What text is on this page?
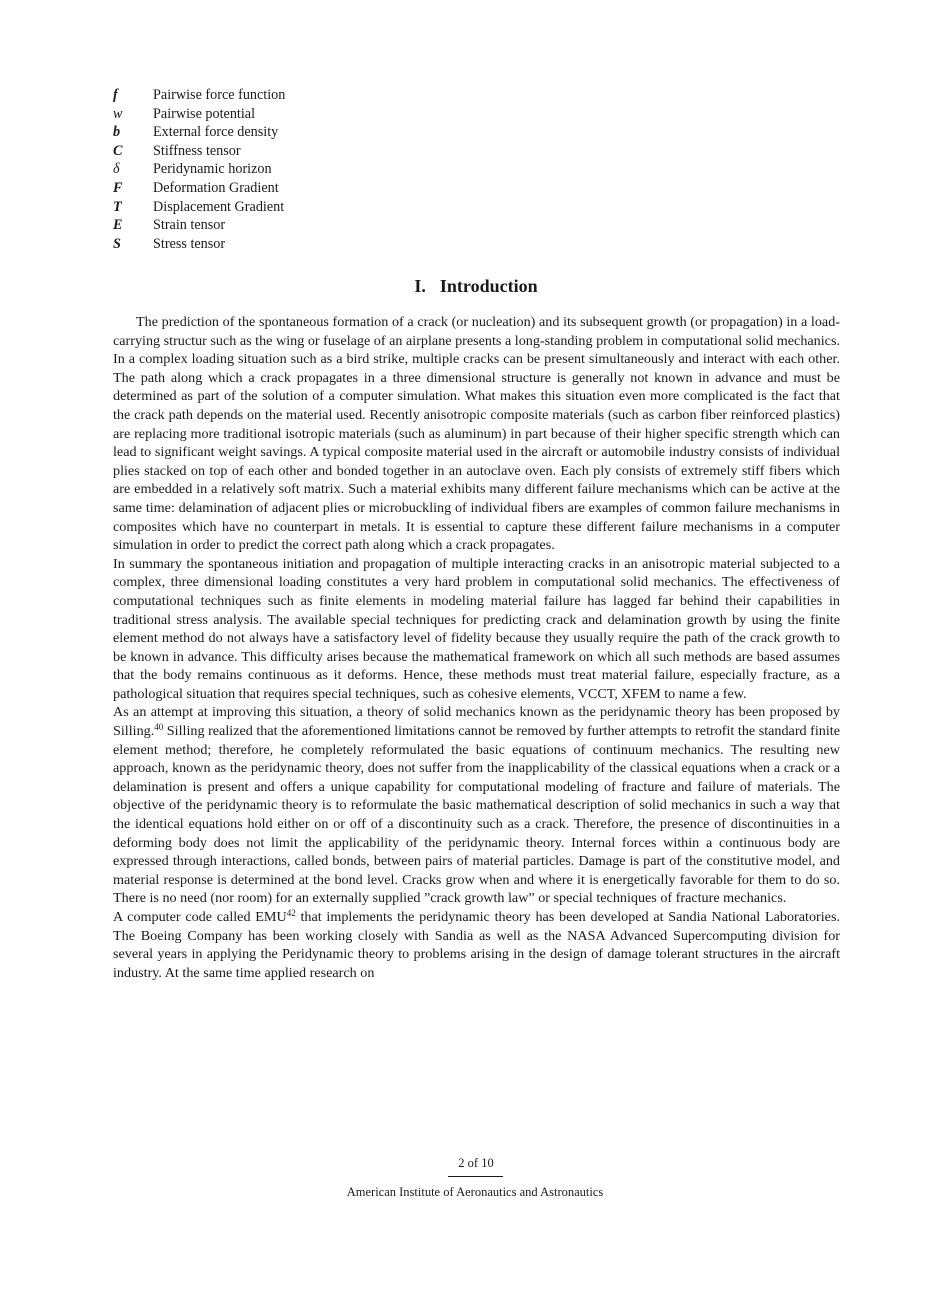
f	Pairwise force function
w	Pairwise potential
b	External force density
C	Stiffness tensor
δ	Peridynamic horizon
F	Deformation Gradient
T	Displacement Gradient
E	Strain tensor
S	Stress tensor
I. Introduction

The prediction of the spontaneous formation of a crack (or nucleation) and its subsequent growth (or propagation) in a load-carrying structur such as the wing or fuselage of an airplane presents a long-standing problem in computational solid mechanics. In a complex loading situation such as a bird strike, multiple cracks can be present simultaneously and interact with each other. The path along which a crack propagates in a three dimensional structure is generally not known in advance and must be determined as part of the solution of a computer simulation. What makes this situation even more complicated is the fact that the crack path depends on the material used. Recently anisotropic composite materials (such as carbon fiber reinforced plastics) are replacing more traditional isotropic materials (such as aluminum) in part because of their higher specific strength which can lead to significant weight savings. A typical composite material used in the aircraft or automobile industry consists of individual plies stacked on top of each other and bonded together in an autoclave oven. Each ply consists of extremely stiff fibers which are embedded in a relatively soft matrix. Such a material exhibits many different failure mechanisms which can be active at the same time: delamination of adjacent plies or microbuckling of individual fibers are examples of common failure mechanisms in composites which have no counterpart in metals. It is essential to capture these different failure mechanisms in a computer simulation in order to predict the correct path along which a crack propagates.

In summary the spontaneous initiation and propagation of multiple interacting cracks in an anisotropic material subjected to a complex, three dimensional loading constitutes a very hard problem in computational solid mechanics. The effectiveness of computational techniques such as finite elements in modeling material failure has lagged far behind their capabilities in traditional stress analysis. The available special techniques for predicting crack and delamination growth by using the finite element method do not always have a satisfactory level of fidelity because they usually require the path of the crack growth to be known in advance. This difficulty arises because the mathematical framework on which all such methods are based assumes that the body remains continuous as it deforms. Hence, these methods must treat material failure, especially fracture, as a pathological situation that requires special techniques, such as cohesive elements, VCCT, XFEM to name a few.

As an attempt at improving this situation, a theory of solid mechanics known as the peridynamic theory has been proposed by Silling.$^{40}$ Silling realized that the aforementioned limitations cannot be removed by further attempts to retrofit the standard finite element method; therefore, he completely reformulated the basic equations of continuum mechanics. The resulting new approach, known as the peridynamic theory, does not suffer from the inapplicability of the classical equations when a crack or a delamination is present and offers a unique capability for computational modeling of fracture and failure of materials. The objective of the peridynamic theory is to reformulate the basic mathematical description of solid mechanics in such a way that the identical equations hold either on or off of a discontinuity such as a crack. Therefore, the presence of discontinuities in a deforming body does not limit the applicability of the peridynamic theory. Internal forces within a continuous body are expressed through interactions, called bonds, between pairs of material particles. Damage is part of the constitutive model, and material response is determined at the bond level. Cracks grow when and where it is energetically favorable for them to do so. There is no need (nor room) for an externally supplied ”crack growth law” or special techniques of fracture mechanics.

A computer code called EMU$^{42}$ that implements the peridynamic theory has been developed at Sandia National Laboratories. The Boeing Company has been working closely with Sandia as well as the NASA Advanced Supercomputing division for several years in applying the Peridynamic theory to problems arising in the design of damage tolerant structures in the aircraft industry. At the same time applied research on

2 of 10
American Institute of Aeronautics and Astronautics
